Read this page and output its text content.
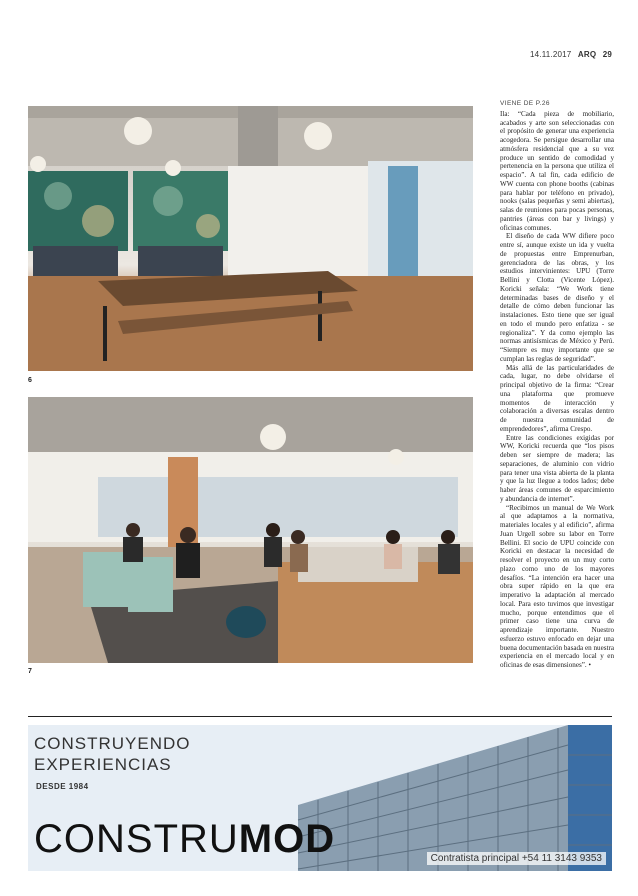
14.11.2017 ARQ 29
6
7
VIENE DE P.26

Ila: “Cada pieza de mobiliario, acabados y arte son seleccionadas con el propósito de generar una experiencia acogedora. Se persigue desarrollar una atmósfera residencial que a su vez produce un sentido de comodidad y pertenencia en la persona que utiliza el espacio”. A tal fin, cada edificio de WW cuenta con phone booths (cabinas para hablar por teléfono en privado), nooks (salas pequeñas y semi abiertas), salas de reuniones para pocas personas, pantries (áreas con bar y livings) y oficinas comunes.

El diseño de cada WW difiere poco entre sí, aunque existe un ida y vuelta de propuestas entre Emprenurban, gerenciadora de las obras, y los estudios intervinientes: UPU (Torre Bellini y Clotta (Vicente López). Koricki señala: “We Work tiene determinadas bases de diseño y el detalle de cómo deben funcionar las instalaciones. Esto tiene que ser igual en todo el mundo pero enfatiza - se regionaliza”. Y da como ejemplo las normas antisísmicas de México y Perú. “Siempre es muy importante que se cumplan las reglas de seguridad”.

Más allá de las particularidades de cada, lugar, no debe olvidarse el principal objetivo de la firma: “Crear una plataforma que promueve momentos de interacción y colaboración a diversas escalas dentro de nuestra comunidad de emprendedores”, afirma Crespo.

Entre las condiciones exigidas por WW, Koricki recuerda que “los pisos deben ser siempre de madera; las separaciones, de aluminio con vidrio para tener una vista abierta de la planta y que la luz llegue a todos lados; debe haber áreas comunes de esparcimiento y abundancia de internet”.

“Recibimos un manual de We Work al que adaptamos a la normativa, materiales locales y al edificio”, afirma Juan Urgell sobre su labor en Torre Bellini. El socio de UPU coincide con Koricki en destacar la necesidad de resolver el proyecto en un muy corto plazo como uno de los mayores desafíos. “La intención era hacer una obra super rápido en la que era imperativo la adaptación al mercado local. Para esto tuvimos que investigar mucho, porque entendimos que el primer caso tiene una curva de aprendizaje importante. Nuestro esfuerzo estuvo enfocado en dejar una buena documentación basada en nuestra experiencia en el mercado local y en oficinas de esas dimensiones”. •

CONSTRUYENDO
EXPERIENCIAS
DESDE 1984
CONSTRUMOD	Contratista principal +54 11 3143 9353
